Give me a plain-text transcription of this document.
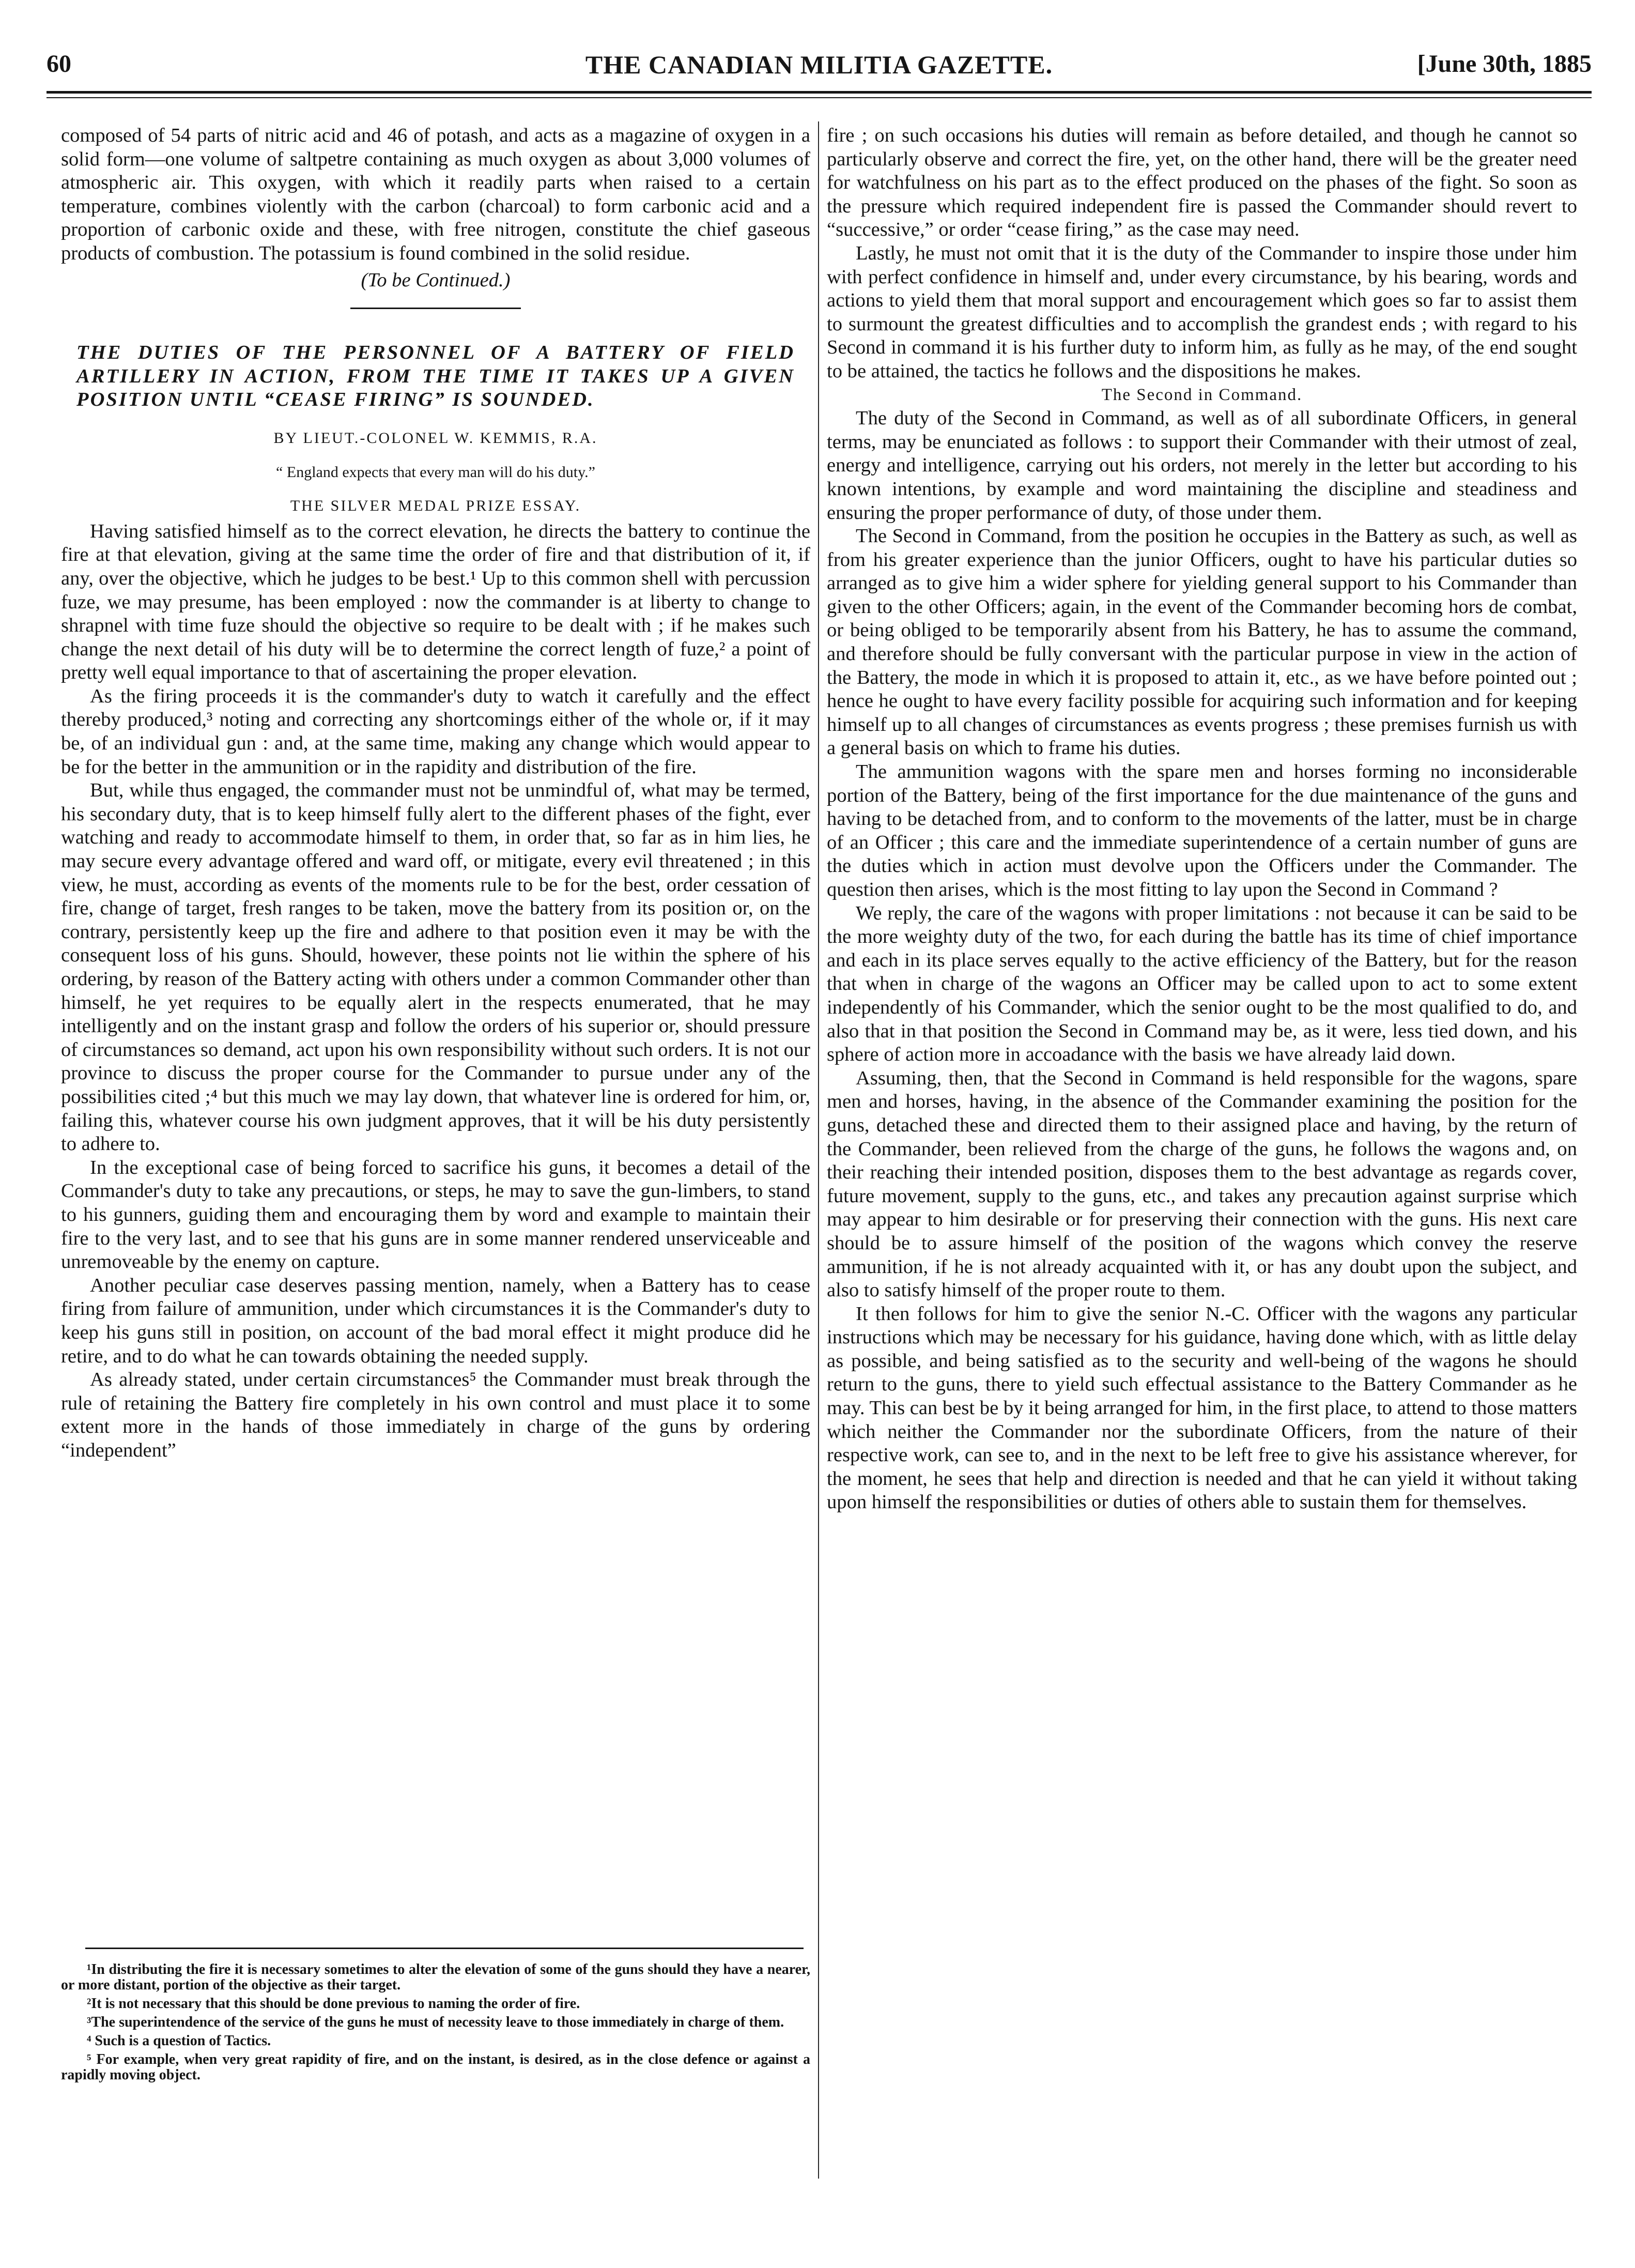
60	THE CANADIAN MILITIA GAZETTE.	[June 30th, 1885

composed of 54 parts of nitric acid and 46 of potash, and acts as a magazine of oxygen in a solid form—one volume of saltpetre containing as much oxygen as about 3,000 volumes of atmospheric air. This oxygen, with which it readily parts when raised to a certain temperature, combines violently with the carbon (charcoal) to form carbonic acid and a proportion of carbonic oxide and these, with free nitrogen, constitute the chief gaseous products of combustion. The potassium is found combined in the solid residue.

(To be Continued.)

THE DUTIES OF THE PERSONNEL OF A BATTERY OF FIELD ARTILLERY IN ACTION, FROM THE TIME IT TAKES UP A GIVEN POSITION UNTIL “CEASE FIRING” IS SOUNDED.

BY LIEUT.-COLONEL W. KEMMIS, R.A.

“ England expects that every man will do his duty.”

THE SILVER MEDAL PRIZE ESSAY.

Having satisfied himself as to the correct elevation, he directs the battery to continue the fire at that elevation, giving at the same time the order of fire and that distribution of it, if any, over the objective, which he judges to be best.¹ Up to this common shell with percussion fuze, we may presume, has been employed : now the commander is at liberty to change to shrapnel with time fuze should the objective so require to be dealt with ; if he makes such change the next detail of his duty will be to determine the correct length of fuze,² a point of pretty well equal importance to that of ascertaining the proper elevation.

As the firing proceeds it is the commander's duty to watch it carefully and the effect thereby produced,³ noting and correcting any shortcomings either of the whole or, if it may be, of an individual gun : and, at the same time, making any change which would appear to be for the better in the ammunition or in the rapidity and distribution of the fire.

But, while thus engaged, the commander must not be unmindful of, what may be termed, his secondary duty, that is to keep himself fully alert to the different phases of the fight, ever watching and ready to accommodate himself to them, in order that, so far as in him lies, he may secure every advantage offered and ward off, or mitigate, every evil threatened ; in this view, he must, according as events of the moments rule to be for the best, order cessation of fire, change of target, fresh ranges to be taken, move the battery from its position or, on the contrary, persistently keep up the fire and adhere to that position even it may be with the consequent loss of his guns. Should, however, these points not lie within the sphere of his ordering, by reason of the Battery acting with others under a common Commander other than himself, he yet requires to be equally alert in the respects enumerated, that he may intelligently and on the instant grasp and follow the orders of his superior or, should pressure of circumstances so demand, act upon his own responsibility without such orders. It is not our province to discuss the proper course for the Commander to pursue under any of the possibilities cited ;⁴ but this much we may lay down, that whatever line is ordered for him, or, failing this, whatever course his own judgment approves, that it will be his duty persistently to adhere to.

In the exceptional case of being forced to sacrifice his guns, it becomes a detail of the Commander's duty to take any precautions, or steps, he may to save the gun-limbers, to stand to his gunners, guiding them and encouraging them by word and example to maintain their fire to the very last, and to see that his guns are in some manner rendered unserviceable and unremoveable by the enemy on capture.

Another peculiar case deserves passing mention, namely, when a Battery has to cease firing from failure of ammunition, under which circumstances it is the Commander's duty to keep his guns still in position, on account of the bad moral effect it might produce did he retire, and to do what he can towards obtaining the needed supply.

As already stated, under certain circumstances⁵ the Commander must break through the rule of retaining the Battery fire completely in his own control and must place it to some extent more in the hands of those immediately in charge of the guns by ordering “independent”

¹In distributing the fire it is necessary sometimes to alter the elevation of some of the guns should they have a nearer, or more distant, portion of the objective as their target.

²It is not necessary that this should be done previous to naming the order of fire.

³The superintendence of the service of the guns he must of necessity leave to those immediately in charge of them.

⁴ Such is a question of Tactics.

⁵ For example, when very great rapidity of fire, and on the instant, is desired, as in the close defence or against a rapidly moving object.

fire ; on such occasions his duties will remain as before detailed, and though he cannot so particularly observe and correct the fire, yet, on the other hand, there will be the greater need for watchfulness on his part as to the effect produced on the phases of the fight. So soon as the pressure which required independent fire is passed the Commander should revert to “successive,” or order “cease firing,” as the case may need.

Lastly, he must not omit that it is the duty of the Commander to inspire those under him with perfect confidence in himself and, under every circumstance, by his bearing, words and actions to yield them that moral support and encouragement which goes so far to assist them to surmount the greatest difficulties and to accomplish the grandest ends ; with regard to his Second in command it is his further duty to inform him, as fully as he may, of the end sought to be attained, the tactics he follows and the dispositions he makes.

The Second in Command.

The duty of the Second in Command, as well as of all subordinate Officers, in general terms, may be enunciated as follows : to support their Commander with their utmost of zeal, energy and intelligence, carrying out his orders, not merely in the letter but according to his known intentions, by example and word maintaining the discipline and steadiness and ensuring the proper performance of duty, of those under them.

The Second in Command, from the position he occupies in the Battery as such, as well as from his greater experience than the junior Officers, ought to have his particular duties so arranged as to give him a wider sphere for yielding general support to his Commander than given to the other Officers; again, in the event of the Commander becoming hors de combat, or being obliged to be temporarily absent from his Battery, he has to assume the command, and therefore should be fully conversant with the particular purpose in view in the action of the Battery, the mode in which it is proposed to attain it, etc., as we have before pointed out ; hence he ought to have every facility possible for acquiring such information and for keeping himself up to all changes of circumstances as events progress ; these premises furnish us with a general basis on which to frame his duties.

The ammunition wagons with the spare men and horses forming no inconsiderable portion of the Battery, being of the first importance for the due maintenance of the guns and having to be detached from, and to conform to the movements of the latter, must be in charge of an Officer ; this care and the immediate superintendence of a certain number of guns are the duties which in action must devolve upon the Officers under the Commander. The question then arises, which is the most fitting to lay upon the Second in Command ?

We reply, the care of the wagons with proper limitations : not because it can be said to be the more weighty duty of the two, for each during the battle has its time of chief importance and each in its place serves equally to the active efficiency of the Battery, but for the reason that when in charge of the wagons an Officer may be called upon to act to some extent independently of his Commander, which the senior ought to be the most qualified to do, and also that in that position the Second in Command may be, as it were, less tied down, and his sphere of action more in accoadance with the basis we have already laid down.

Assuming, then, that the Second in Command is held responsible for the wagons, spare men and horses, having, in the absence of the Commander examining the position for the guns, detached these and directed them to their assigned place and having, by the return of the Commander, been relieved from the charge of the guns, he follows the wagons and, on their reaching their intended position, disposes them to the best advantage as regards cover, future movement, supply to the guns, etc., and takes any precaution against surprise which may appear to him desirable or for preserving their connection with the guns. His next care should be to assure himself of the position of the wagons which convey the reserve ammunition, if he is not already acquainted with it, or has any doubt upon the subject, and also to satisfy himself of the proper route to them.

It then follows for him to give the senior N.-C. Officer with the wagons any particular instructions which may be necessary for his guidance, having done which, with as little delay as possible, and being satisfied as to the security and well-being of the wagons he should return to the guns, there to yield such effectual assistance to the Battery Commander as he may. This can best be by it being arranged for him, in the first place, to attend to those matters which neither the Commander nor the subordinate Officers, from the nature of their respective work, can see to, and in the next to be left free to give his assistance wherever, for the moment, he sees that help and direction is needed and that he can yield it without taking upon himself the responsibilities or duties of others able to sustain them for themselves.
